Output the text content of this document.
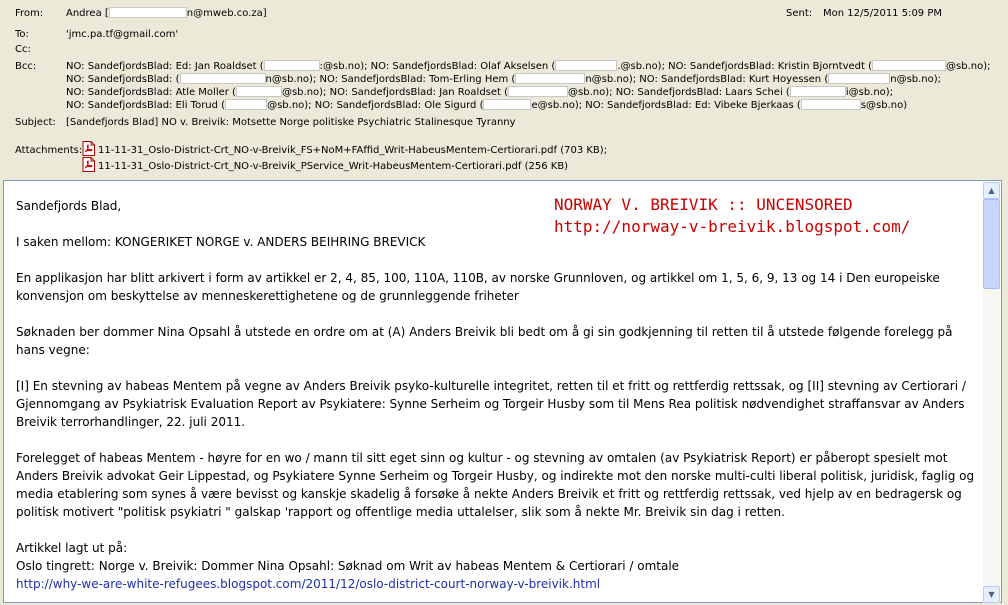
From: Andrea [	n@mweb.co.za]	Sent: Mon 12/5/2011 5:09 PM
To:	'jmc.pa.tf@gmail.com'
Cc:
Bcc:	NO: SandefjordsBlad: Ed: Jan Roaldset (	:@sb.no); NO: SandefjordsBlad: Olaf Akselsen (	.@sb.no); NO: SandefjordsBlad: Kristin Bjorntvedt (	@sb.no);
NO: SandefjordsBlad: (	n@sb.no); NO: SandefjordsBlad: Tom-Erling Hem (	n@sb.no); NO: SandefjordsBlad: Kurt Hoyessen (	n@sb.no);
NO: SandefjordsBlad: Atle Moller (	@sb.no); NO: SandefjordsBlad: Jan Roaldset (	@sb.no); NO: SandefjordsBlad: Laars Schei (	i@sb.no);
NO: SandefjordsBlad: Eli Torud (	@sb.no); NO: SandefjordsBlad: Ole Sigurd (	e@sb.no); NO: SandefjordsBlad: Ed: Vibeke Bjerkaas (	s@sb.no)
Subject: [Sandefjords Blad] NO v. Breivik: Motsette Norge politiske Psychiatric Stalinesque Tyranny
Attachments:	11-11-31_Oslo-District-Crt_NO-v-Breivik_FS+NoM+FAffid_Writ-HabeusMentem-Certiorari.pdf (703 KB);
11-11-31_Oslo-District-Crt_NO-v-Breivik_PService_Writ-HabeusMentem-Certiorari.pdf (256 KB)
NORWAY V. BREIVIK :: UNCENSORED
http://norway-v-breivik.blogspot.com/

Sandefjords Blad,

I saken mellom: KONGERIKET NORGE v. ANDERS BEIHRING BREVICK

En applikasjon har blitt arkivert i form av artikkel er 2, 4, 85, 100, 110A, 110B, av norske Grunnloven, og artikkel om 1, 5, 6, 9, 13 og 14 i Den europeiske konvensjon om beskyttelse av menneskerettighetene og de grunnleggende friheter

Søknaden ber dommer Nina Opsahl å utstede en ordre om at (A) Anders Breivik bli bedt om å gi sin godkjenning til retten til å utstede følgende forelegg på hans vegne:

[I] En stevning av habeas Mentem på vegne av Anders Breivik psyko-kulturelle integritet, retten til et fritt og rettferdig rettssak, og [II] stevning av Certiorari / Gjennomgang av Psykiatrisk Evaluation Report av Psykiatere: Synne Serheim og Torgeir Husby som til Mens Rea politisk nødvendighet straffansvar av Anders Breivik terrorhandlinger, 22. juli 2011.

Forelegget of habeas Mentem - høyre for en wo / mann til sitt eget sinn og kultur - og stevning av omtalen (av Psykiatrisk Report) er påberopt spesielt mot Anders Breivik advokat Geir Lippestad, og Psykiatere Synne Serheim og Torgeir Husby, og indirekte mot den norske multi-culti liberal politisk, juridisk, faglig og media etablering som synes å være bevisst og kanskje skadelig å forsøke å nekte Anders Breivik et fritt og rettferdig rettssak, ved hjelp av en bedragersk og politisk motivert "politisk psykiatri " galskap 'rapport og offentlige media uttalelser, slik som å nekte Mr. Breivik sin dag i retten.

Artikkel lagt ut på:

Oslo tingrett: Norge v. Breivik: Dommer Nina Opsahl: Søknad om Writ av habeas Mentem & Certiorari / omtale

http://why-we-are-white-refugees.blogspot.com/2011/12/oslo-district-court-norway-v-breivik.html

▲
▼
